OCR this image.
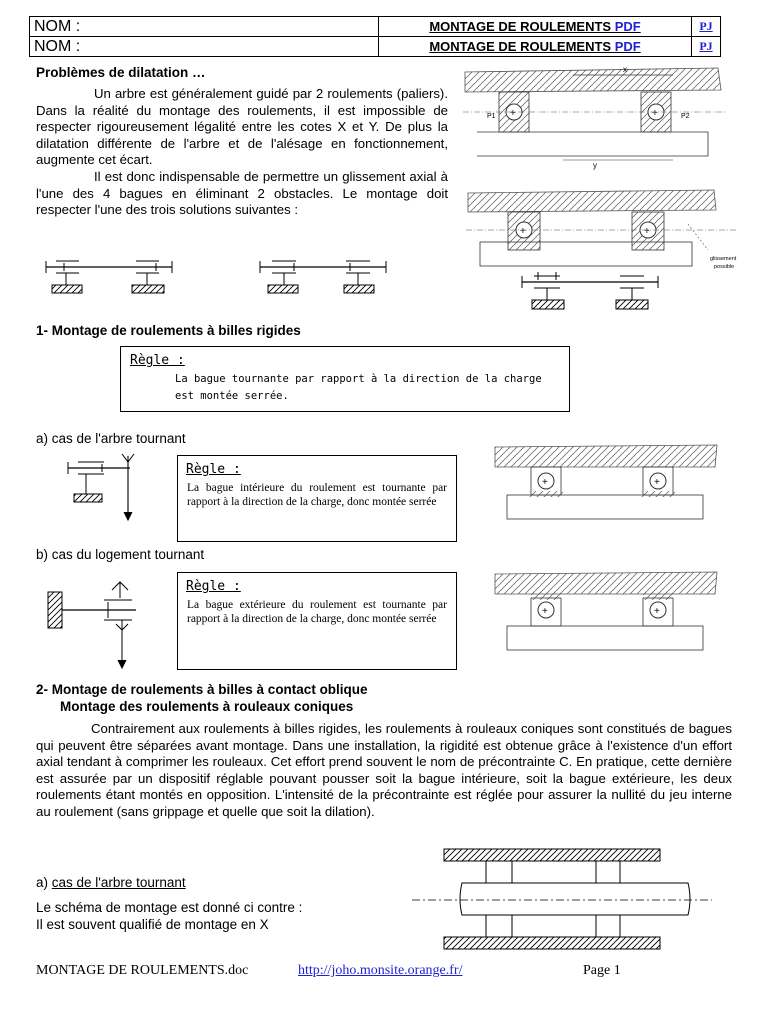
NOM :	MONTAGE DE ROULEMENTS PDF	PJ
NOM :	MONTAGE DE ROULEMENTS PDF	PJ
Problèmes de dilatation …
Un arbre est généralement guidé par 2 roulements (paliers). Dans la réalité du montage des roulements, il est impossible de respecter rigoureusement légalité entre les cotes X et Y. De plus la dilatation différente de l'arbre et de l'alésage en fonctionnement, augmente cet écart.
Il est donc indispensable de permettre un glissement axial à l'une des 4 bagues en éliminant 2 obstacles. Le montage doit respecter l'une des trois solutions suivantes :
x
+	+
P1	P2
y
+	+
glissement
possible
1- Montage de roulements à billes rigides
Règle :
La bague tournante par rapport à la direction de la charge est montée serrée.
a) cas de l'arbre tournant
Règle :
La bague intérieure du roulement est tournante par rapport à la direction de la charge, donc montée serrée
+	+
b) cas du logement tournant
Règle :
La bague extérieure du roulement est tournante par rapport à la direction de la charge, donc montée serrée
+	+
2- Montage de roulements à billes à contact oblique
Montage des roulements à rouleaux coniques
Contrairement aux roulements à billes rigides, les roulements à rouleaux coniques sont constitués de bagues qui peuvent être séparées avant montage. Dans une installation, la rigidité est obtenue grâce à l'existence d'un effort axial tendant à comprimer les rouleaux. Cet effort prend souvent le nom de précontrainte C. En pratique, cette dernière est assurée par un dispositif réglable pouvant pousser soit la bague intérieure, soit la bague extérieure, les deux roulements étant montés en opposition. L'intensité de la précontrainte est réglée pour assurer la nullité du jeu interne au roulement (sans grippage et quelle que soit la dilation).
a) cas de l'arbre tournant
Le schéma de montage est donné ci contre :
Il est souvent qualifié de montage en X
MONTAGE DE ROULEMENTS.doc	http://joho.monsite.orange.fr/	Page 1
